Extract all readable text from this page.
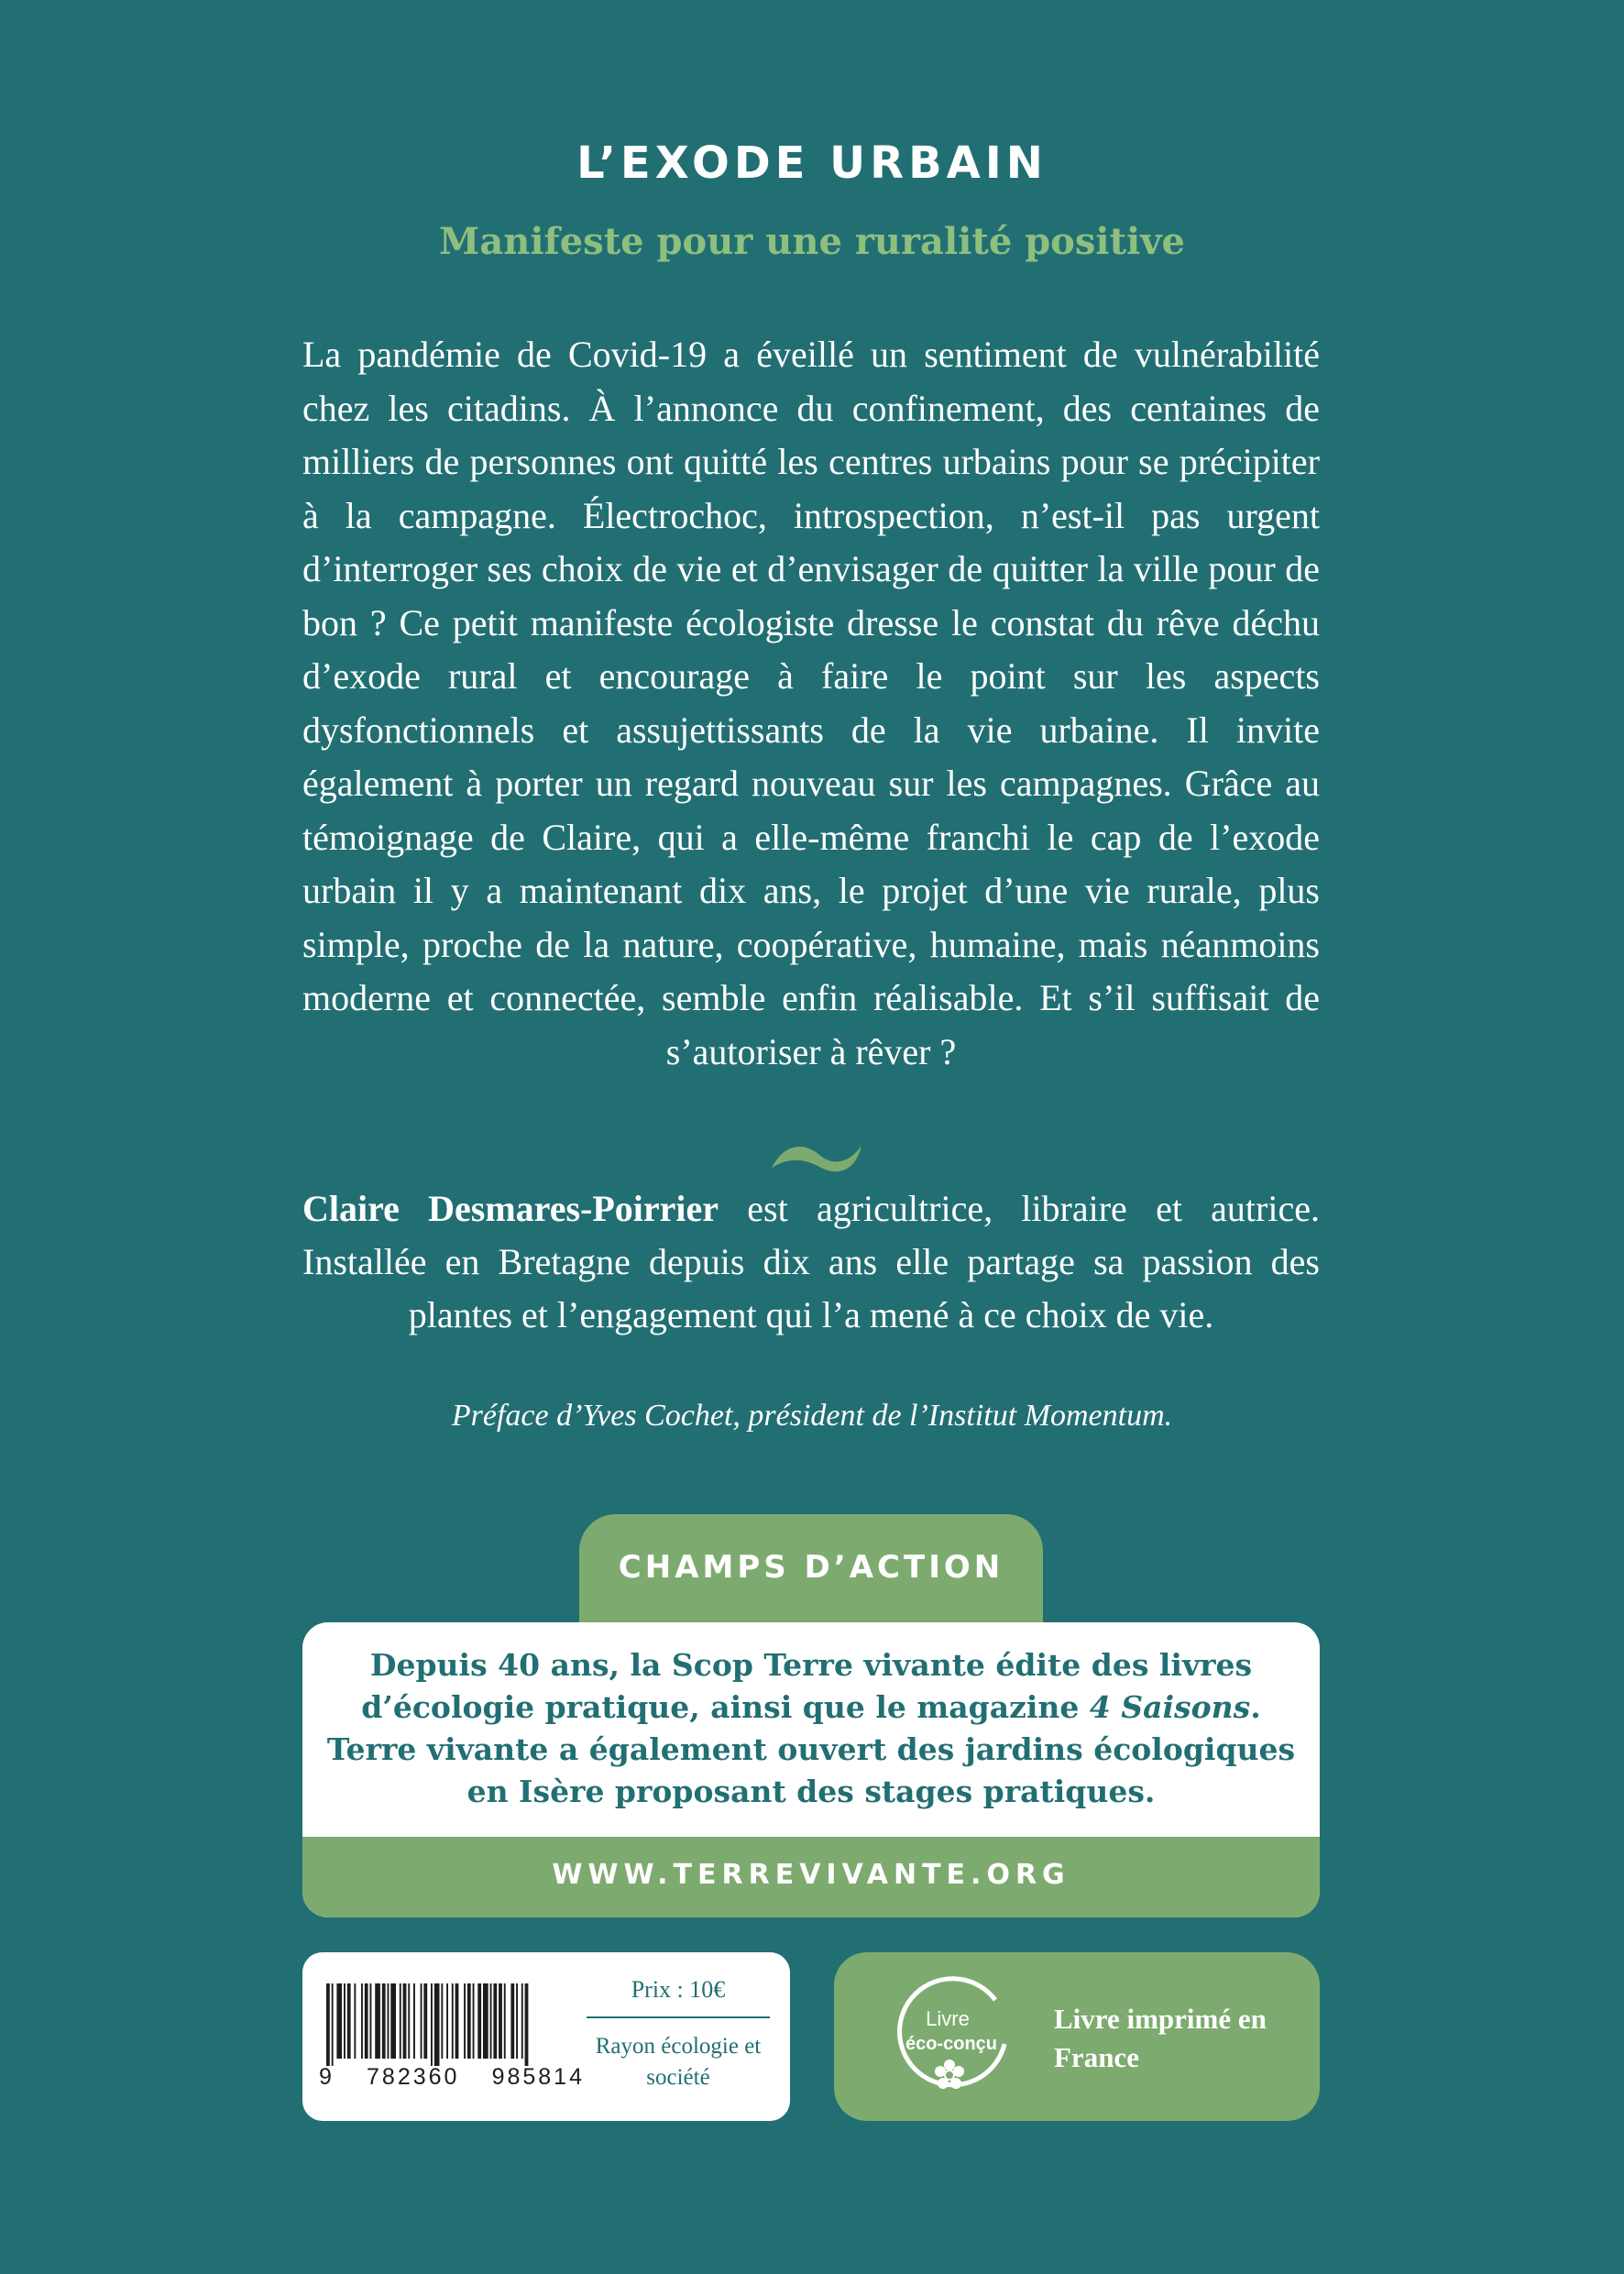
L’EXODE URBAIN
Manifeste pour une ruralité positive
La pandémie de Covid-19 a éveillé un sentiment de vulnérabilité chez les citadins. À l’annonce du confinement, des centaines de milliers de personnes ont quitté les centres urbains pour se précipiter à la campagne. Électrochoc, introspection, n’est-il pas urgent d’interroger ses choix de vie et d’envisager de quitter la ville pour de bon ? Ce petit manifeste écologiste dresse le constat du rêve déchu d’exode rural et encourage à faire le point sur les aspects dysfonctionnels et assujettissants de la vie urbaine. Il invite également à porter un regard nouveau sur les campagnes. Grâce au témoignage de Claire, qui a elle-même franchi le cap de l’exode urbain il y a maintenant dix ans, le projet d’une vie rurale, plus simple, proche de la nature, coopérative, humaine, mais néanmoins moderne et connectée, semble enfin réalisable. Et s’il suffisait de s’autoriser à rêver ?
Claire Desmares-Poirrier est agricultrice, libraire et autrice. Installée en Bretagne depuis dix ans elle partage sa passion des plantes et l’engagement qui l’a mené à ce choix de vie.
Préface d’Yves Cochet, président de l’Institut Momentum.
CHAMPS D’ACTION
Depuis 40 ans, la Scop Terre vivante édite des livres d’écologie pratique, ainsi que le magazine 4 Saisons.
Terre vivante a également ouvert des jardins écologiques en Isère proposant des stages pratiques.
WWW.TERREVIVANTE.ORG
9 782360 985814
Prix : 10€
Rayon écologie et société
Livre
éco-conçu
Livre imprimé en France
